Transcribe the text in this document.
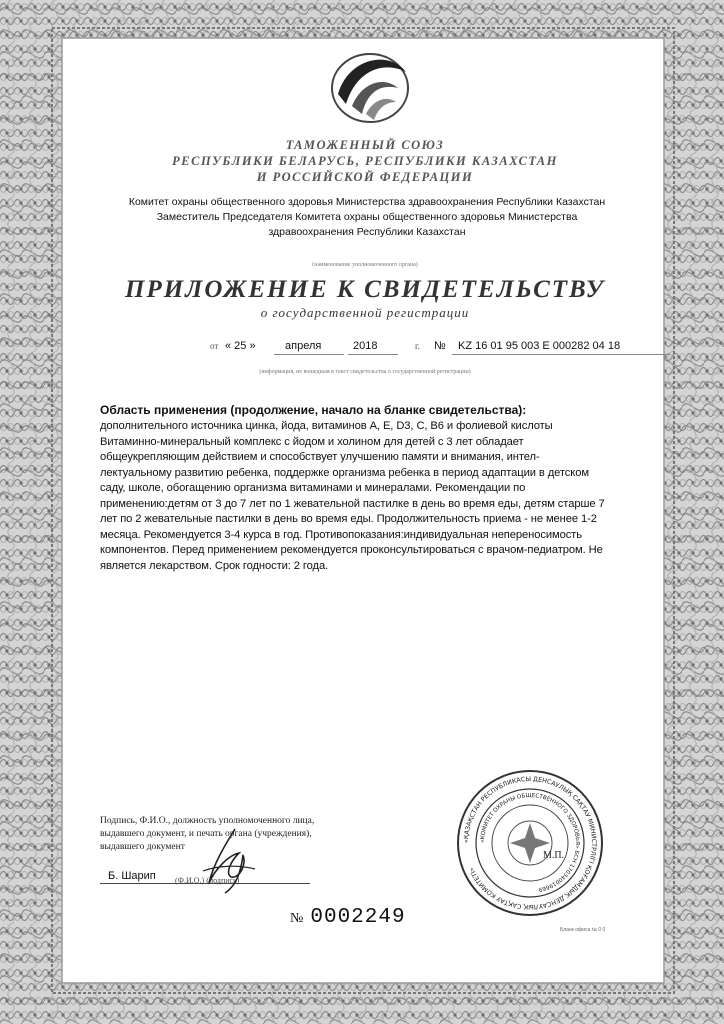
ТАМОЖЕННЫЙ СОЮЗ
РЕСПУБЛИКИ БЕЛАРУСЬ, РЕСПУБЛИКИ КАЗАХСТАН
И РОССИЙСКОЙ ФЕДЕРАЦИИ
Комитет охраны общественного здоровья Министерства здравоохранения Республики Казахстан
Заместитель Председателя Комитета охраны общественного здоровья Министерства
здравоохранения Республики Казахстан
(наименование уполномоченного органа)
ПРИЛОЖЕНИЕ К СВИДЕТЕЛЬСТВУ
о государственной регистрации
от « 25 »	апреля	2018	г. № KZ 16 01 95 003 E 000282 04 18
(информация, не вошедшая в текст свидетельства о государственной регистрации)
Область применения (продолжение, начало на бланке свидетельства):
дополнительного источника цинка, йода, витаминов A, E, D3, C, B6 и фолиевой кислоты
Витаминно-минеральный комплекс с йодом и холином для детей с 3 лет обладает
общеукрепляющим действием и способствует улучшению памяти и внимания, интел-
лектуальному развитию ребенка, поддержке организма ребенка в период адаптации в детском
саду, школе, обогащению организма витаминами и минералами. Рекомендации по
применению:детям от 3 до 7 лет по 1 жевательной пастилке в день во время еды, детям старше 7
лет по 2 жевательные пастилки в день во время еды. Продолжительность приема - не менее 1-2
месяца. Рекомендуется 3-4 курса в год. Противопоказания:индивидуальная непереносимость
компонентов. Перед применением рекомендуется проконсультироваться с врачом-педиатром. Не
является лекарством. Срок годности: 2 года.
Подпись, Ф.И.О., должность уполномоченного лица,
выдавшего документ, и печать органа (учреждения),
выдавшего документ
Б. Шарип (Ф.И.О.) (подпись)
№ 0002249
«ҚАЗАҚСТАН РЕСПУБЛИКАСЫ ДЕНСАУЛЫҚ САҚТАУ МИНИСТРЛІГІ ҚОҒАМДЫҚ ДЕНСАУЛЫҚ САҚТАУ КОМИТЕТІ»
«КОМИТЕТ ОХРАНЫ ОБЩЕСТВЕННОГО ЗДОРОВЬЯ» БСН 170340019669
М.П.
Бланк офиса № 0 0
